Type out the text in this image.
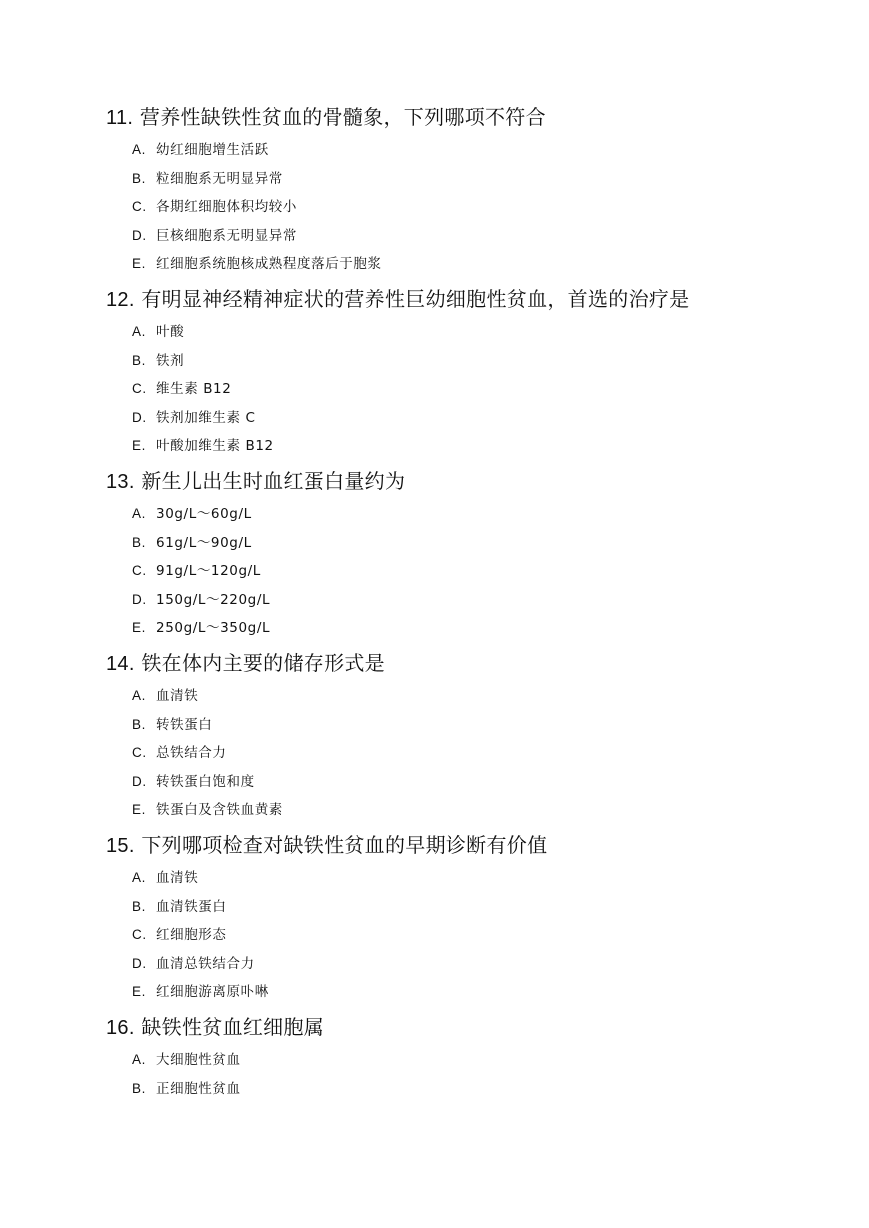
11. 营养性缺铁性贫血的骨髓象，下列哪项不符合
A. 幼红细胞增生活跃
B. 粒细胞系无明显异常
C. 各期红细胞体积均较小
D. 巨核细胞系无明显异常
E. 红细胞系统胞核成熟程度落后于胞浆
12. 有明显神经精神症状的营养性巨幼细胞性贫血，首选的治疗是
A. 叶酸
B. 铁剂
C. 维生素 B12
D. 铁剂加维生素 C
E. 叶酸加维生素 B12
13. 新生儿出生时血红蛋白量约为
A. 30g/L～60g/L
B. 61g/L～90g/L
C. 91g/L～120g/L
D. 150g/L～220g/L
E. 250g/L～350g/L
14. 铁在体内主要的储存形式是
A. 血清铁
B. 转铁蛋白
C. 总铁结合力
D. 转铁蛋白饱和度
E. 铁蛋白及含铁血黄素
15. 下列哪项检查对缺铁性贫血的早期诊断有价值
A. 血清铁
B. 血清铁蛋白
C. 红细胞形态
D. 血清总铁结合力
E. 红细胞游离原卟啉
16. 缺铁性贫血红细胞属
A. 大细胞性贫血
B. 正细胞性贫血
